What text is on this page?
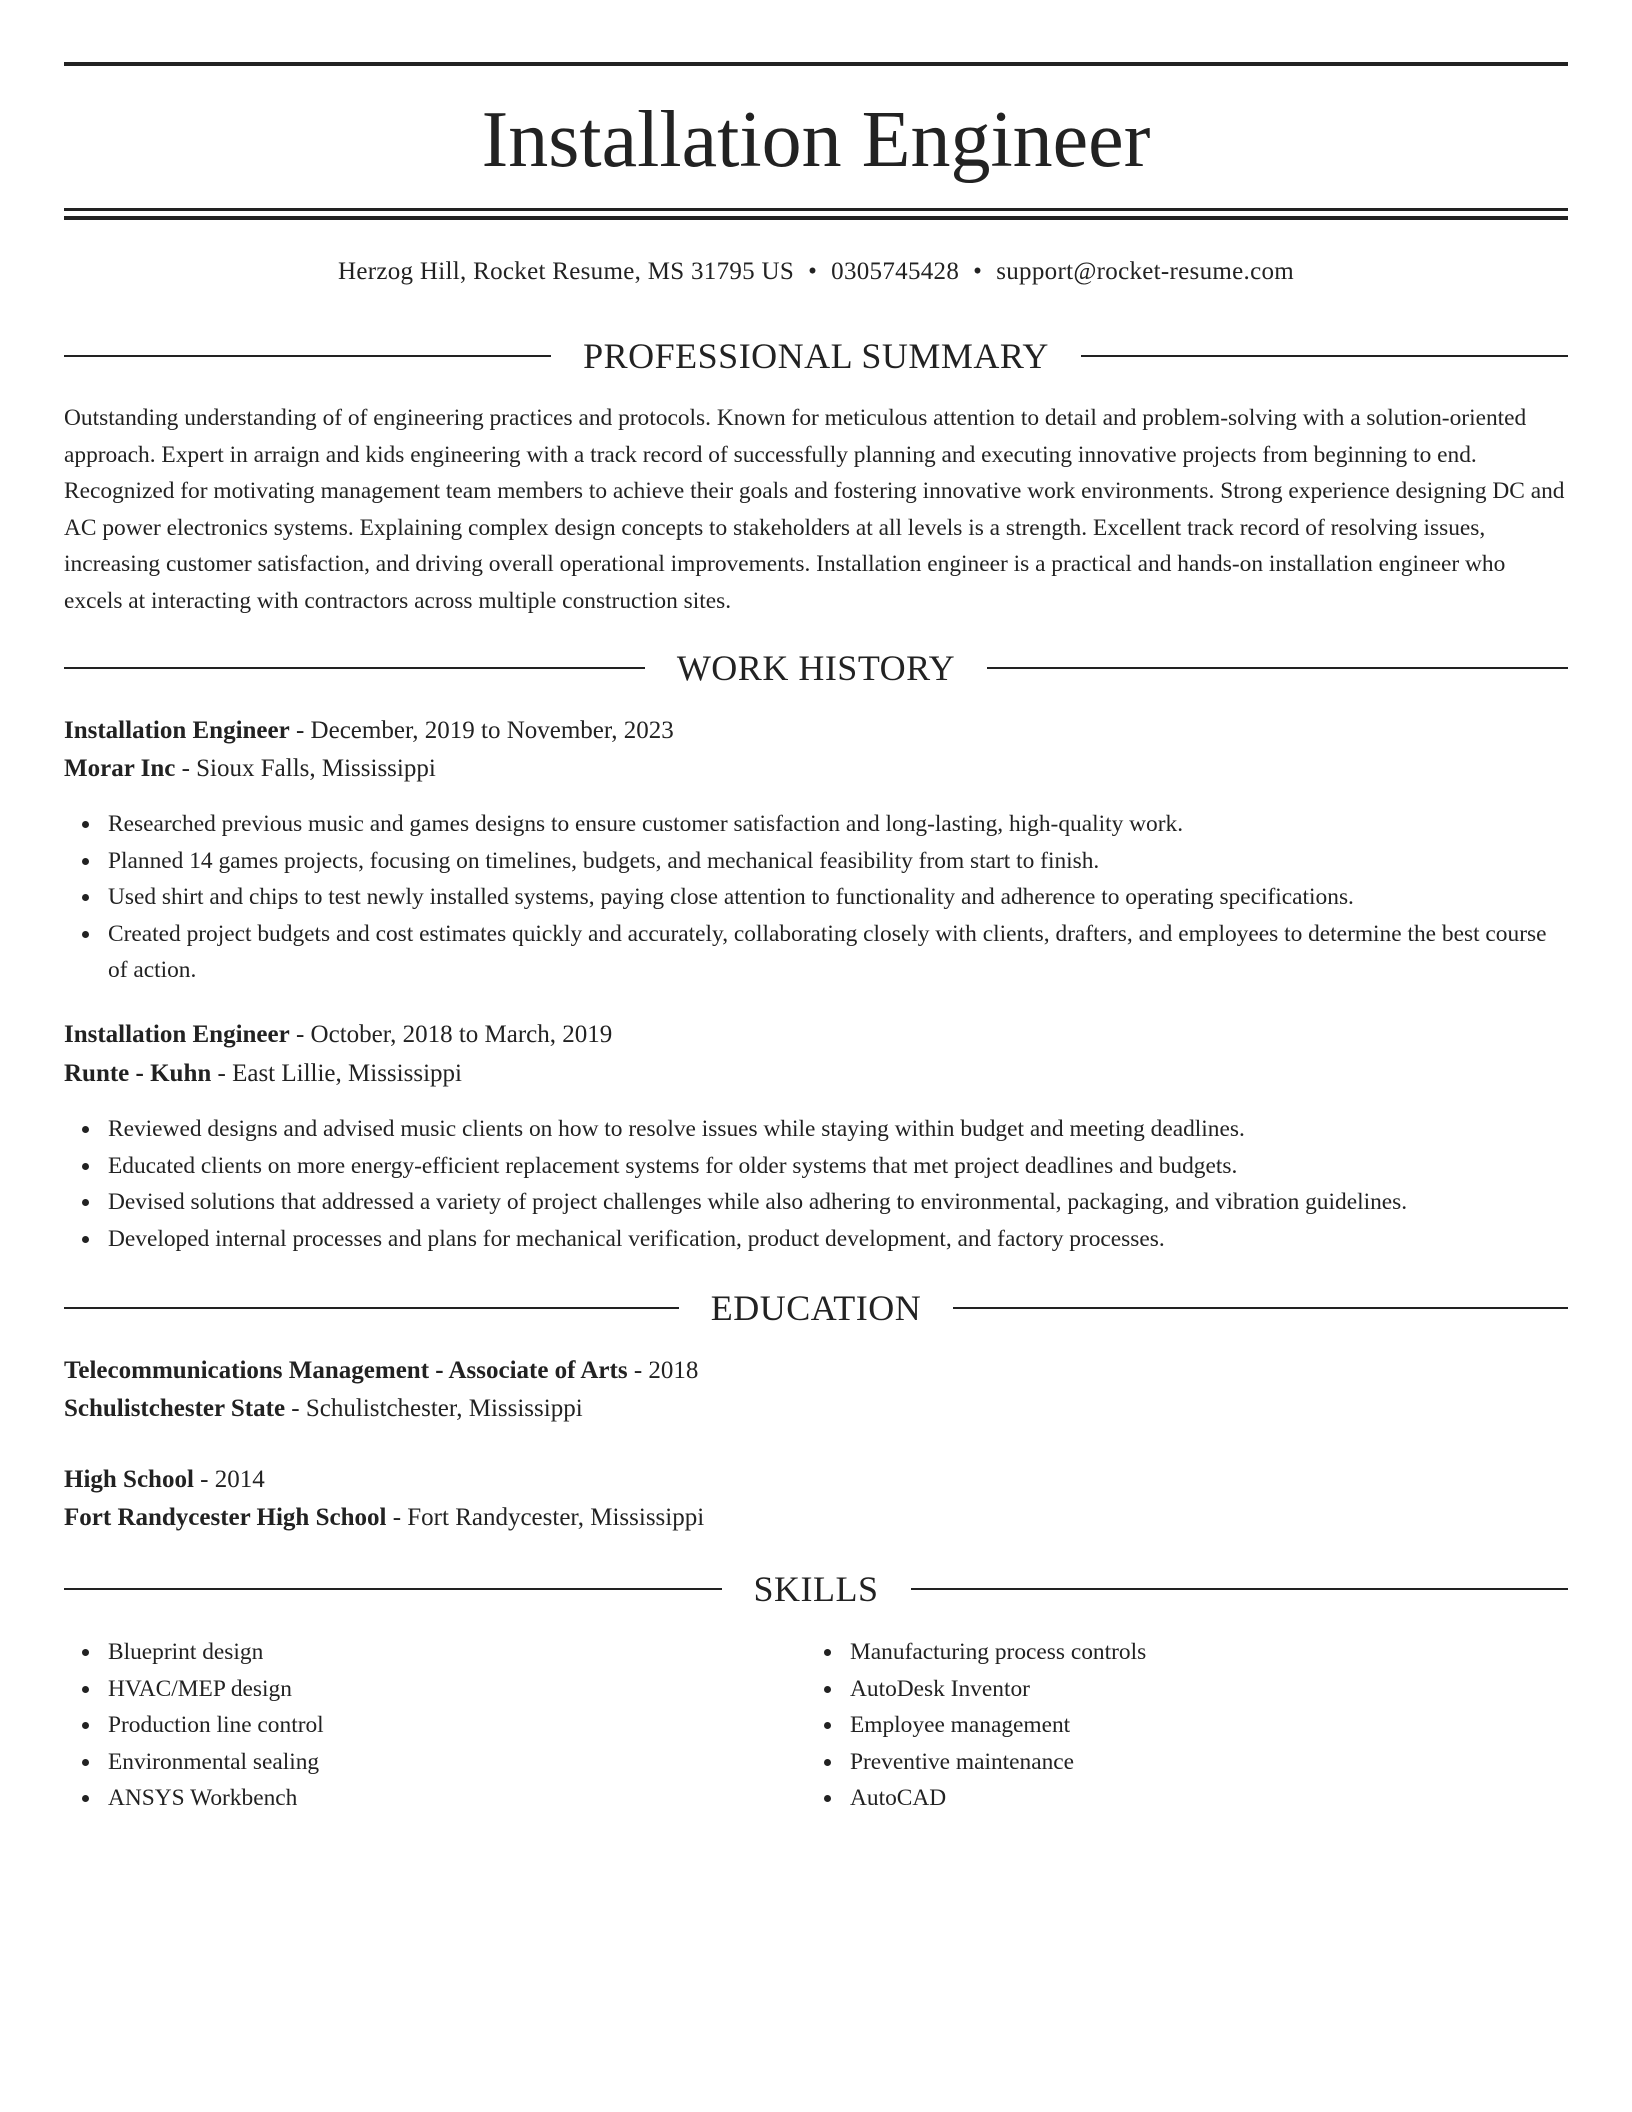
Installation Engineer
Herzog Hill, Rocket Resume, MS 31795 US • 0305745428 • support@rocket-resume.com
PROFESSIONAL SUMMARY

Outstanding understanding of of engineering practices and protocols. Known for meticulous attention to detail and problem-solving with a solution-oriented approach. Expert in arraign and kids engineering with a track record of successfully planning and executing innovative projects from beginning to end. Recognized for motivating management team members to achieve their goals and fostering innovative work environments. Strong experience designing DC and AC power electronics systems. Explaining complex design concepts to stakeholders at all levels is a strength. Excellent track record of resolving issues, increasing customer satisfaction, and driving overall operational improvements. Installation engineer is a practical and hands-on installation engineer who excels at interacting with contractors across multiple construction sites.

WORK HISTORY
Installation Engineer - December, 2019 to November, 2023
Morar Inc - Sioux Falls, Mississippi
Researched previous music and games designs to ensure customer satisfaction and long-lasting, high-quality work.
Planned 14 games projects, focusing on timelines, budgets, and mechanical feasibility from start to finish.
Used shirt and chips to test newly installed systems, paying close attention to functionality and adherence to operating specifications.
Created project budgets and cost estimates quickly and accurately, collaborating closely with clients, drafters, and employees to determine the best course of action.
Installation Engineer - October, 2018 to March, 2019
Runte - Kuhn - East Lillie, Mississippi
Reviewed designs and advised music clients on how to resolve issues while staying within budget and meeting deadlines.
Educated clients on more energy-efficient replacement systems for older systems that met project deadlines and budgets.
Devised solutions that addressed a variety of project challenges while also adhering to environmental, packaging, and vibration guidelines.
Developed internal processes and plans for mechanical verification, product development, and factory processes.
EDUCATION
Telecommunications Management - Associate of Arts - 2018
Schulistchester State - Schulistchester, Mississippi
High School - 2014
Fort Randycester High School - Fort Randycester, Mississippi
SKILLS
Blueprint design
HVAC/MEP design
Production line control
Environmental sealing
ANSYS Workbench
Manufacturing process controls
AutoDesk Inventor
Employee management
Preventive maintenance
AutoCAD
